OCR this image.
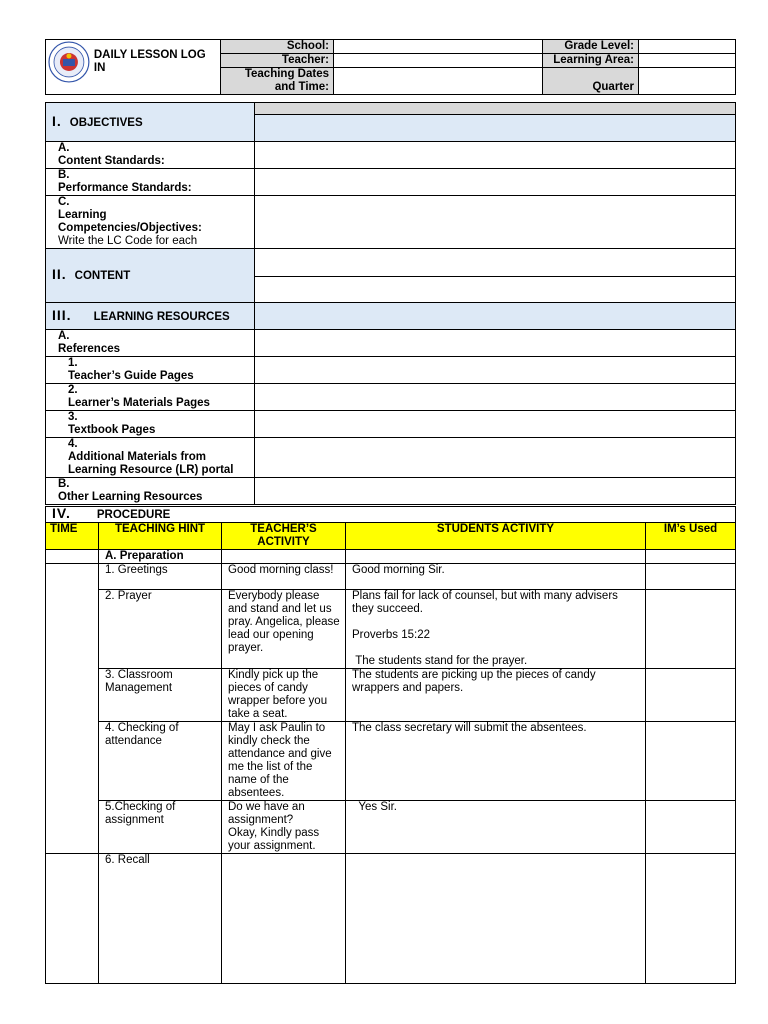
DAILY LESSON LOG IN	School:		Grade Level:	
	Teacher:		Learning Area:	
	Teaching Dates and Time:		Quarter	
I. OBJECTIVES	

A.Content Standards:	
B.Performance Standards:	
C.Learning Competencies/Objectives:
Write the LC Code for each	
II. CONTENT	

III. LEARNING RESOURCES	
A.References	
1.Teacher’s Guide Pages	
2.Learner’s Materials Pages	
3.Textbook Pages	
4.Additional Materials from Learning Resource (LR) portal	
B.Other Learning Resources	
IV. PROCEDURE				
TIME	TEACHING HINT	TEACHER’S ACTIVITY	STUDENTS ACTIVITY	IM’s Used
	A. Preparation			
	1. Greetings	Good morning class!	Good morning Sir.	
	2. Prayer	Everybody please and stand and let us pray. Angelica, please lead our opening prayer.	Plans fail for lack of counsel, but with many advisers they succeed.

Proverbs 15:22

The students stand for the prayer.	
	3. Classroom Management	Kindly pick up the pieces of candy wrapper before you take a seat.	The students are picking up the pieces of candy wrappers and papers.	
	4. Checking of attendance	May I ask Paulin to kindly check the attendance and give me the list of the name of the absentees.	The class secretary will submit the absentees.	
	5.Checking of assignment	Do we have an assignment?
Okay, Kindly pass your assignment.	Yes Sir.	
	6. Recall			
